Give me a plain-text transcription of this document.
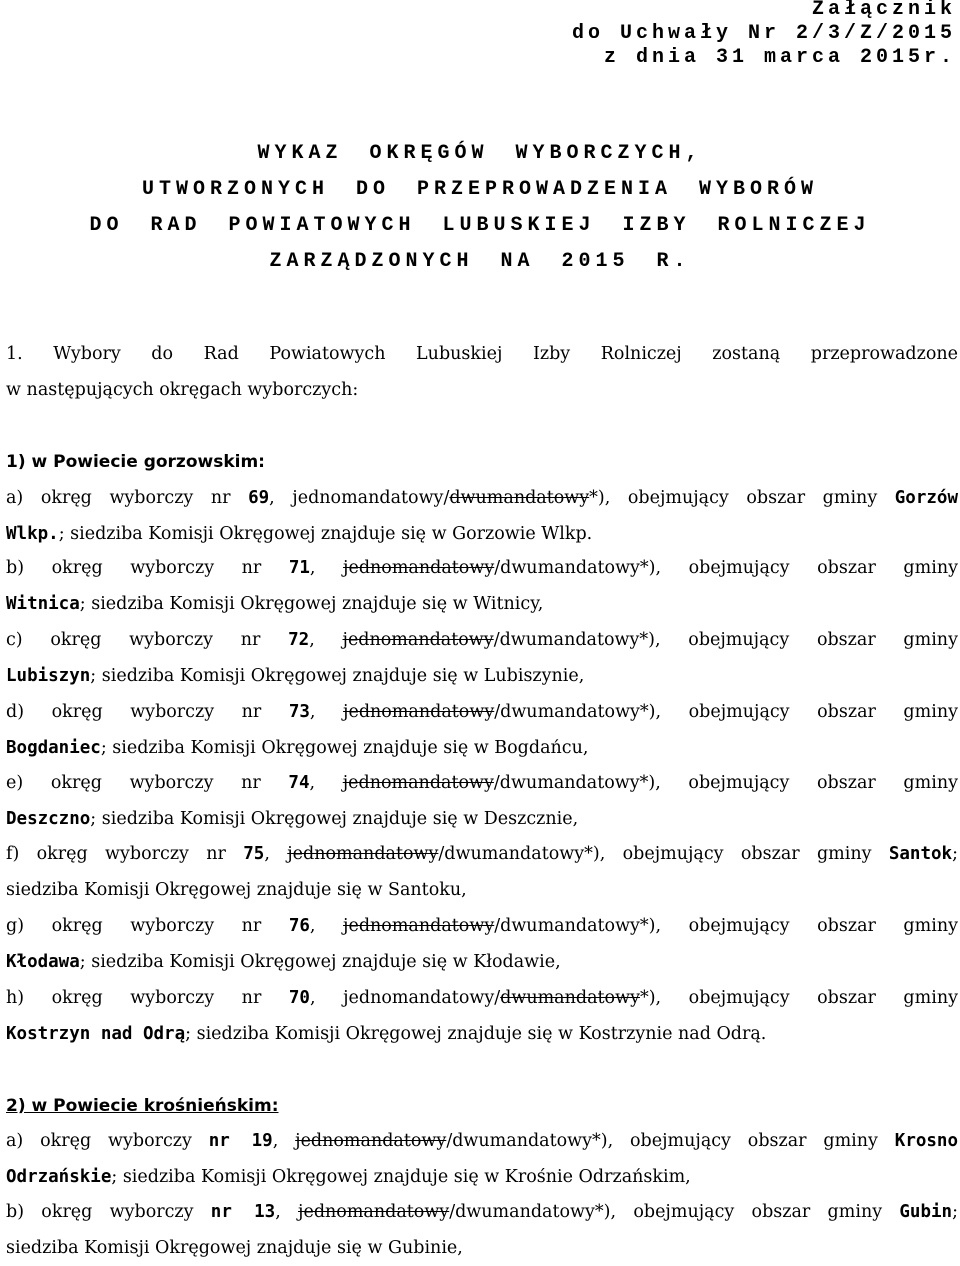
Załącznik
do Uchwały Nr 2/3/Z/2015
z dnia 31 marca 2015r.
WYKAZ OKRĘGÓW WYBORCZYCH,
UTWORZONYCH DO PRZEPROWADZENIA WYBORÓW
DO RAD POWIATOWYCH LUBUSKIEJ IZBY ROLNICZEJ
ZARZĄDZONYCH NA 2015 R.
1. Wybory do Rad Powiatowych Lubuskiej Izby Rolniczej zostaną przeprowadzone
w następujących okręgach wyborczych:
1) w Powiecie gorzowskim:
a) okręg wyborczy nr 69, jednomandatowy/dwumandatowy*), obejmujący obszar gminy Gorzów
Wlkp.; siedziba Komisji Okręgowej znajduje się w Gorzowie Wlkp.
b) okręg wyborczy nr 71, jednomandatowy/dwumandatowy*), obejmujący obszar gminy
Witnica; siedziba Komisji Okręgowej znajduje się w Witnicy,
c) okręg wyborczy nr 72, jednomandatowy/dwumandatowy*), obejmujący obszar gminy
Lubiszyn; siedziba Komisji Okręgowej znajduje się w Lubiszynie,
d) okręg wyborczy nr 73, jednomandatowy/dwumandatowy*), obejmujący obszar gminy
Bogdaniec; siedziba Komisji Okręgowej znajduje się w Bogdańcu,
e) okręg wyborczy nr 74, jednomandatowy/dwumandatowy*), obejmujący obszar gminy
Deszczno; siedziba Komisji Okręgowej znajduje się w Deszcznie,
f) okręg wyborczy nr 75, jednomandatowy/dwumandatowy*), obejmujący obszar gminy Santok;
siedziba Komisji Okręgowej znajduje się w Santoku,
g) okręg wyborczy nr 76, jednomandatowy/dwumandatowy*), obejmujący obszar gminy
Kłodawa; siedziba Komisji Okręgowej znajduje się w Kłodawie,
h) okręg wyborczy nr 70, jednomandatowy/dwumandatowy*), obejmujący obszar gminy
Kostrzyn nad Odrą; siedziba Komisji Okręgowej znajduje się w Kostrzynie nad Odrą.
2) w Powiecie krośnieńskim:
a) okręg wyborczy nr 19, jednomandatowy/dwumandatowy*), obejmujący obszar gminy Krosno
Odrzańskie; siedziba Komisji Okręgowej znajduje się w Krośnie Odrzańskim,
b) okręg wyborczy nr 13, jednomandatowy/dwumandatowy*), obejmujący obszar gminy Gubin;
siedziba Komisji Okręgowej znajduje się w Gubinie,
